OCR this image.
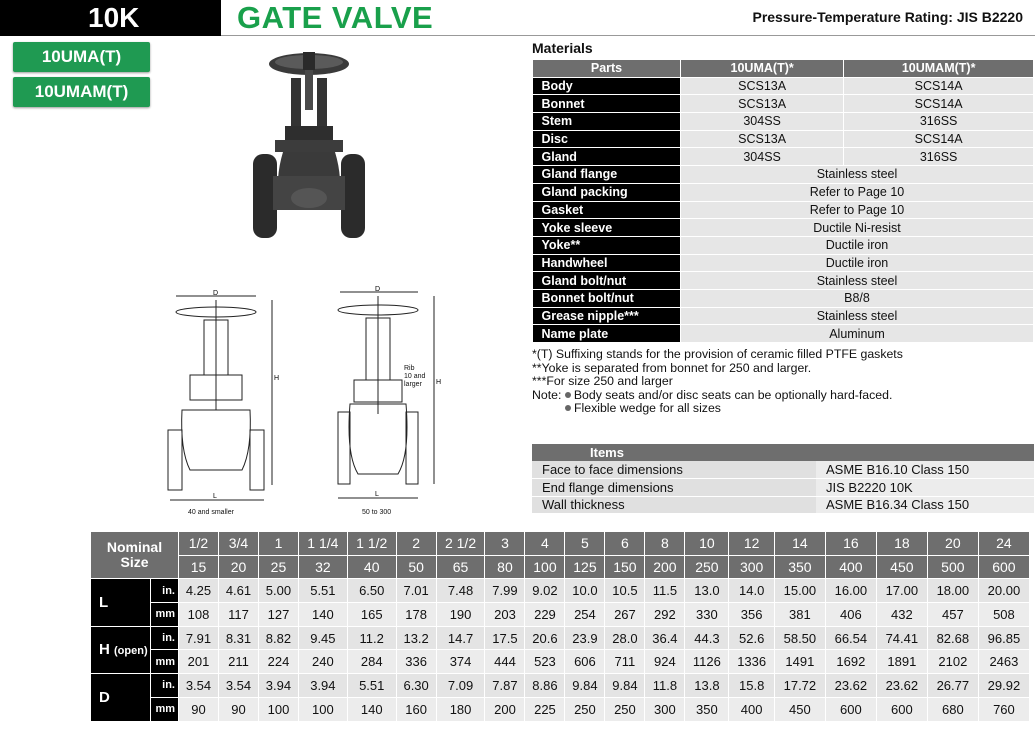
10K	GATE VALVE	Pressure-Temperature Rating: JIS B2220
10UMA(T)
10UMAM(T)
D
H
L
40 and smaller
D
H
L
Rib
10 and
larger
50 to 300
Materials
Parts	10UMA(T)*	10UMAM(T)*
Body	SCS13A	SCS14A
Bonnet	SCS13A	SCS14A
Stem	304SS	316SS
Disc	SCS13A	SCS14A
Gland	304SS	316SS
Gland flange	Stainless steel	
Gland packing	Refer to Page 10	
Gasket	Refer to Page 10	
Yoke sleeve	Ductile Ni-resist	
Yoke**	Ductile iron	
Handwheel	Ductile iron	
Gland bolt/nut	Stainless steel	
Bonnet bolt/nut	B8/8	
Grease nipple***	Stainless steel	
Name plate	Aluminum	
*(T) Suffixing stands for the provision of ceramic filled PTFE gaskets
**Yoke is separated from bonnet for 250 and larger.
***For size 250 and larger
Note: Body seats and/or disc seats can be optionally hard-faced.
Flexible wedge for all sizes
Items	
Face to face dimensions	ASME B16.10 Class 150
End flange dimensions	JIS B2220 10K
Wall thickness	ASME B16.34 Class 150
Nominal
Size		1/2	3/4	1	1 1/4	1 1/2	2	2 1/2	3	4	5	6	8	10	12	14	16	18	20	24
		15	20	25	32	40	50	65	80	100	125	150	200	250	300	350	400	450	500	600
L	in.	4.25	4.61	5.00	5.51	6.50	7.01	7.48	7.99	9.02	10.0	10.5	11.5	13.0	14.0	15.00	16.00	17.00	18.00	20.00
	mm	108	117	127	140	165	178	190	203	229	254	267	292	330	356	381	406	432	457	508
H (open)	in.	7.91	8.31	8.82	9.45	11.2	13.2	14.7	17.5	20.6	23.9	28.0	36.4	44.3	52.6	58.50	66.54	74.41	82.68	96.85
	mm	201	211	224	240	284	336	374	444	523	606	711	924	1126	1336	1491	1692	1891	2102	2463
D	in.	3.54	3.54	3.94	3.94	5.51	6.30	7.09	7.87	8.86	9.84	9.84	11.8	13.8	15.8	17.72	23.62	23.62	26.77	29.92
	mm	90	90	100	100	140	160	180	200	225	250	250	300	350	400	450	600	600	680	760
